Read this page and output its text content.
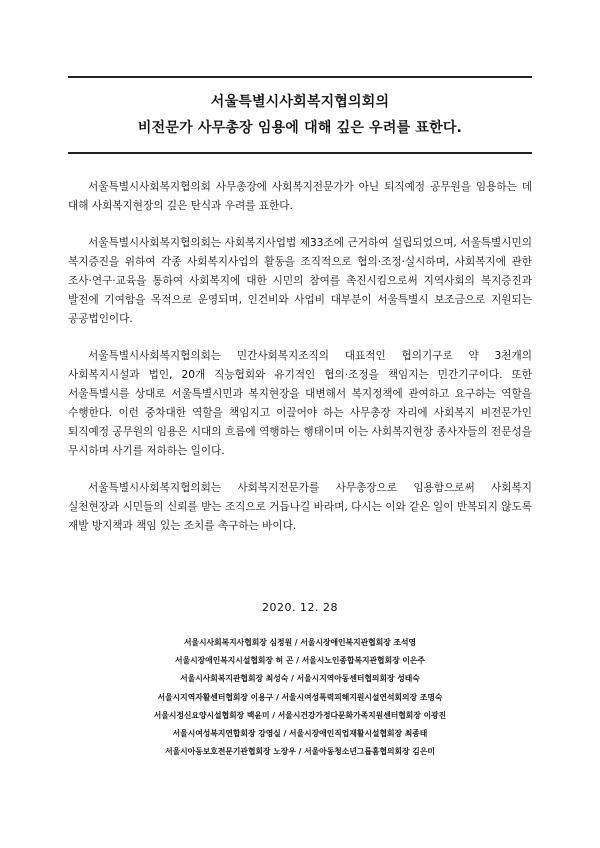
서울특별시사회복지협의회의
비전문가 사무총장 임용에 대해 깊은 우려를 표한다.

서울특별시사회복지협의회 사무총장에 사회복지전문가가 아닌 퇴직예정 공무원을 임용하는 데 대해 사회복지현장의 깊은 탄식과 우려를 표한다.

서울특별시사회복지협의회는 사회복지사업법 제33조에 근거하여 설립되었으며, 서울특별시민의 복지증진을 위하여 각종 사회복지사업의 활동을 조직적으로 협의·조정·실시하며, 사회복지에 관한 조사·연구·교육을 통하여 사회복지에 대한 시민의 참여를 촉진시킴으로써 지역사회의 복지증진과 발전에 기여함을 목적으로 운영되며, 인건비와 사업비 대부분이 서울특별시 보조금으로 지원되는 공공법인이다.

서울특별시사회복지협의회는 민간사회복지조직의 대표적인 협의기구로 약 3천개의 사회복지시설과 법인, 20개 직능협회와 유기적인 협의·조정을 책임지는 민간기구이다. 또한 서울특별시를 상대로 서울특별시민과 복지현장을 대변해서 복지정책에 관여하고 요구하는 역할을 수행한다. 이런 중차대한 역할을 책임지고 이끌어야 하는 사무총장 자리에 사회복지 비전문가인 퇴직예정 공무원의 임용은 시대의 흐름에 역행하는 행태이며 이는 사회복지현장 종사자들의 전문성을 무시하며 사기를 저하하는 일이다.

서울특별시사회복지협의회는 사회복지전문가를 사무총장으로 임용함으로써 사회복지 실천현장과 시민들의 신뢰를 받는 조직으로 거듭나길 바라며, 다시는 이와 같은 일이 반복되지 않도록 재발 방지책과 책임 있는 조치를 촉구하는 바이다.

2020. 12. 28
서울시사회복지사협회장 심정원 / 서울시장애인복지관협회장 조석영
서울시장애인복지시설협회장 허 곤 / 서울시노인종합복지관협회장 이은주
서울시사회복지관협회장 최성숙 / 서울시지역아동센터협의회장 성태숙
서울시지역자활센터협회장 이용구 / 서울시여성폭력피해지원시설연석회의장 조명숙
서울시정신요양시설협회장 백윤미 / 서울시건강가정다문화가족지원센터협회장 이광진
서울시여성복지연합회장 강영실 / 서울시장애인직업재활시설협회장 최종태
서울시아동보호전문기관협회장 노장우 / 서울아동청소년그룹홈협의회장 김은미
